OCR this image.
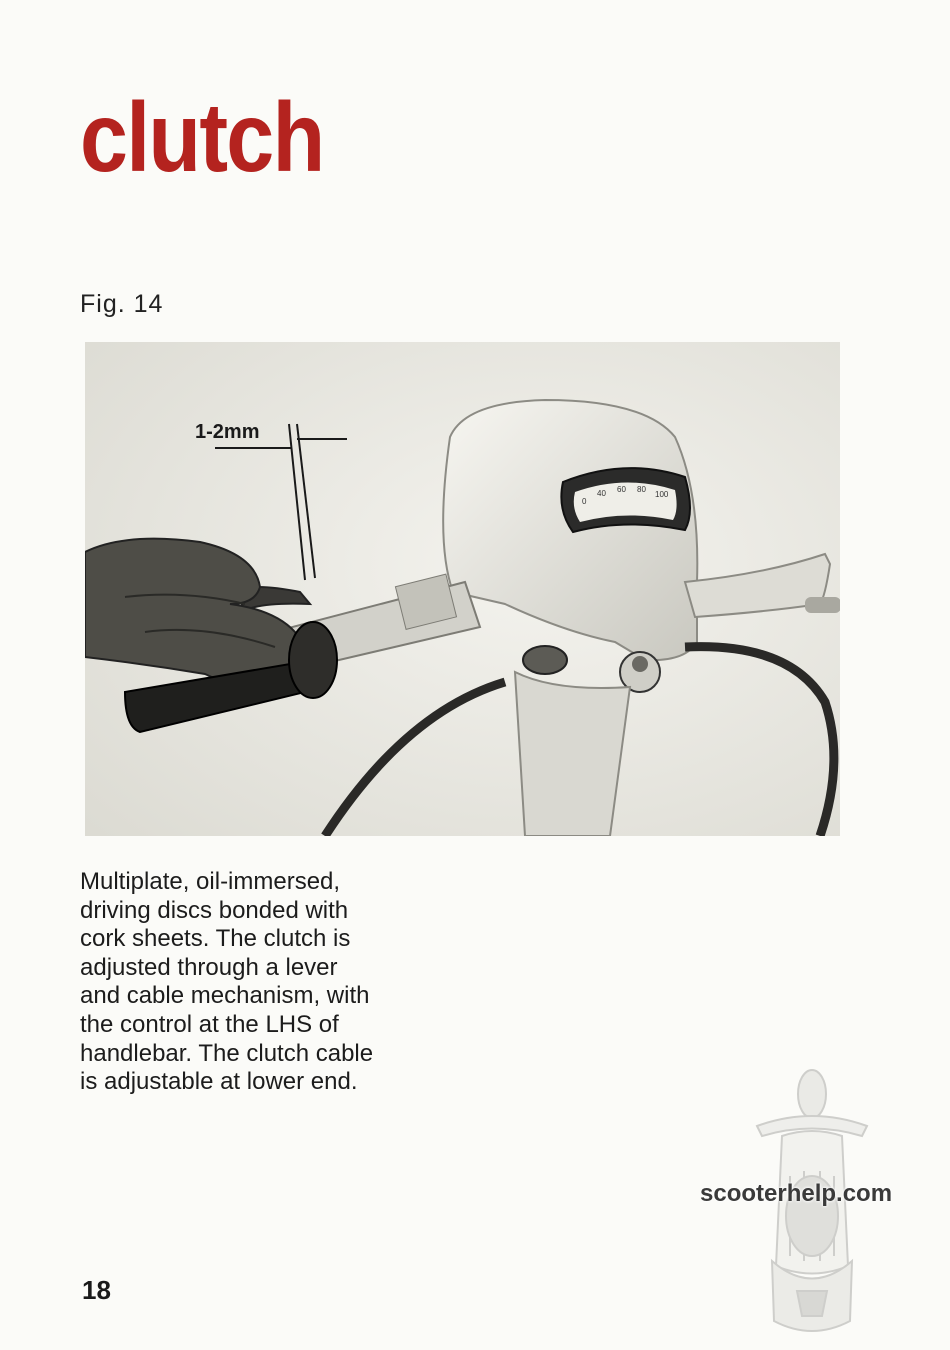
clutch
Fig. 14
0
40 60 80
100
1-2mm

Multiplate, oil-immersed,
driving discs bonded with
cork sheets. The clutch is
adjusted through a lever
and cable mechanism, with
the control at the LHS of
handlebar. The clutch cable
is adjustable at lower end.

18
scooterhelp.com
